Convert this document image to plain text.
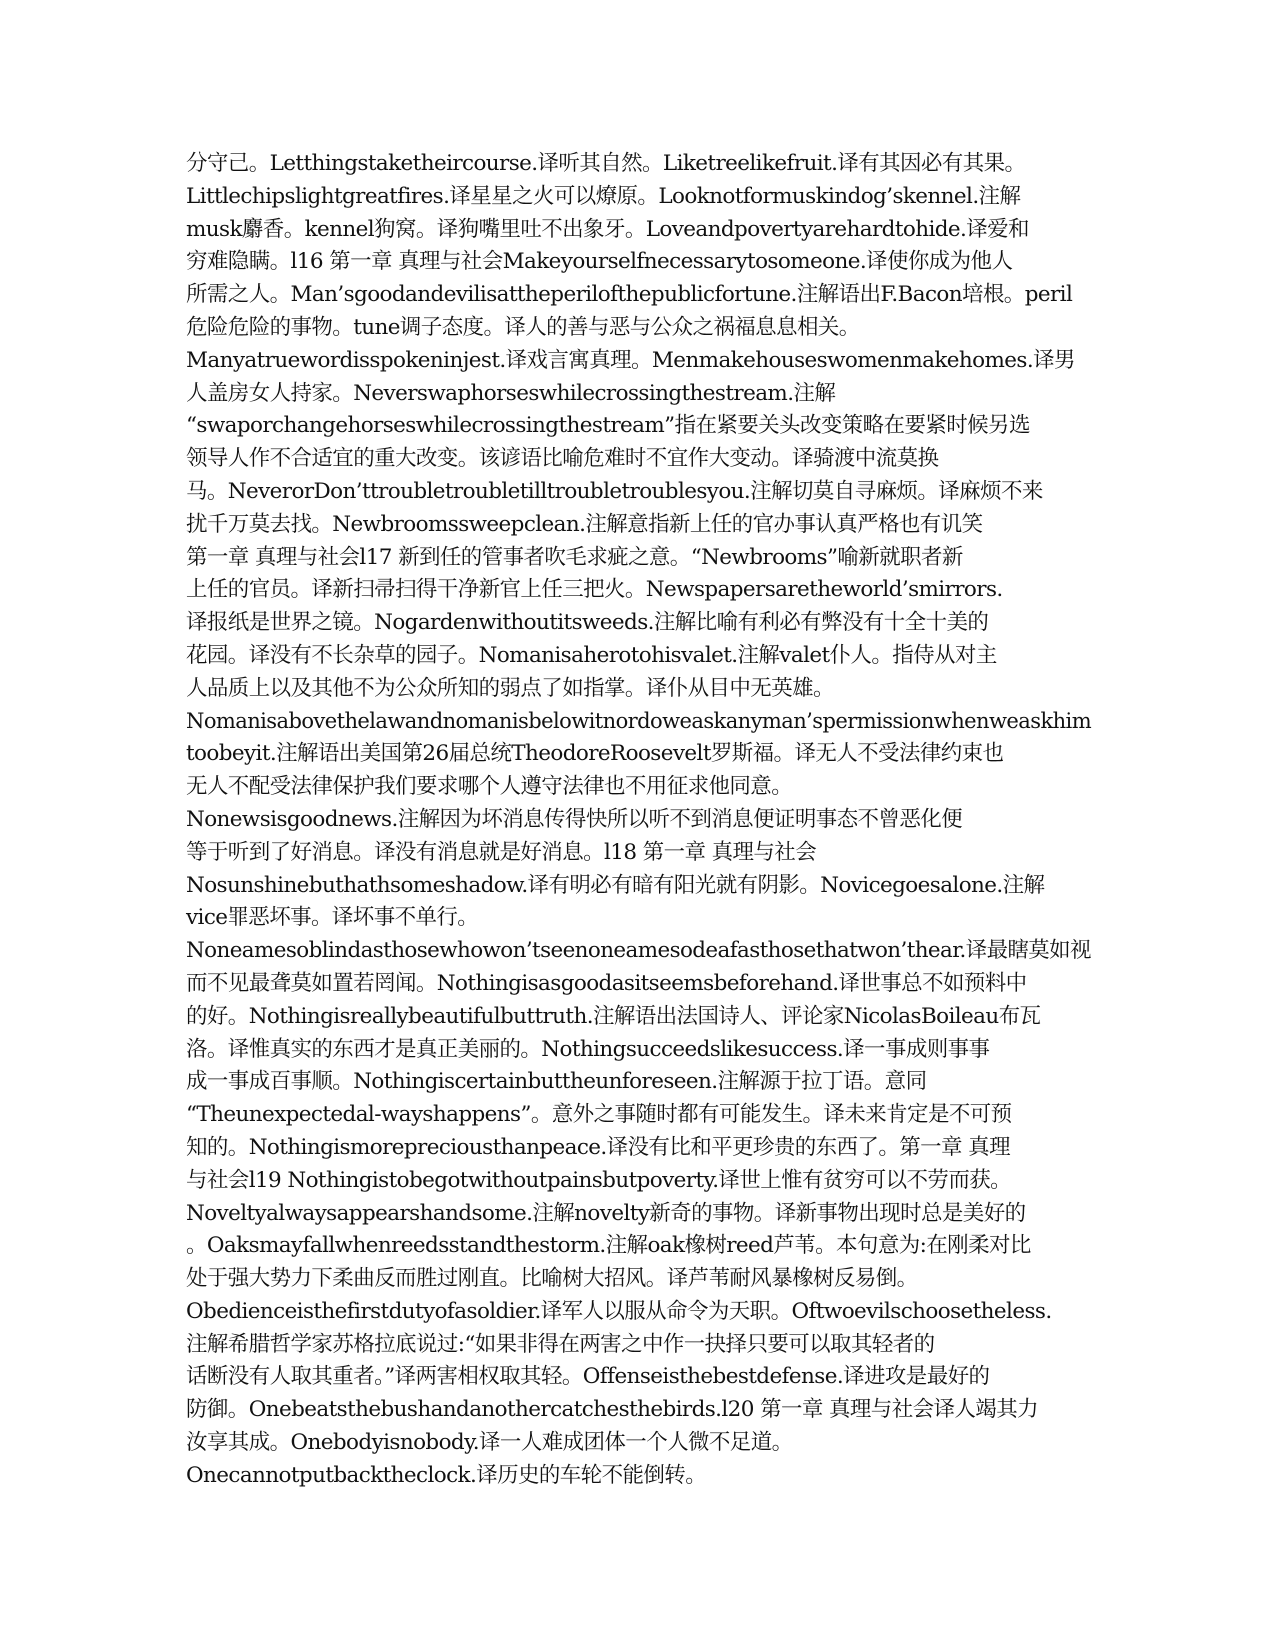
分守己。Letthingstaketheircourse.译听其自然。Liketreelikefruit.译有其因必有其果。
Littlechipslightgreatfires.译星星之火可以燎原。Looknotformuskindog’skennel.注解
musk麝香。kennel狗窝。译狗嘴里吐不出象牙。Loveandpovertyarehardtohide.译爱和
穷难隐瞒。l16 第一章 真理与社会Makeyourselfnecessarytosomeone.译使你成为他人
所需之人。Man’sgoodandevilisattheperilofthepublicfortune.注解语出F.Bacon培根。peril
危险危险的事物。tune调子态度。译人的善与恶与公众之祸福息息相关。
Manyatruewordisspokeninjest.译戏言寓真理。Menmakehouseswomenmakehomes.译男
人盖房女人持家。Neverswaphorseswhilecrossingthestream.注解
“swaporchangehorseswhilecrossingthestream”指在紧要关头改变策略在要紧时候另选
领导人作不合适宜的重大改变。该谚语比喻危难时不宜作大变动。译骑渡中流莫换
马。NeverorDon’ttroubletroubletilltroubletroublesyou.注解切莫自寻麻烦。译麻烦不来
扰千万莫去找。Newbroomssweepclean.注解意指新上任的官办事认真严格也有讥笑
第一章 真理与社会l17 新到任的管事者吹毛求疵之意。“Newbrooms”喻新就职者新
上任的官员。译新扫帚扫得干净新官上任三把火。Newspapersaretheworld’smirrors.
译报纸是世界之镜。Nogardenwithoutitsweeds.注解比喻有利必有弊没有十全十美的
花园。译没有不长杂草的园子。Nomanisaherotohisvalet.注解valet仆人。指侍从对主
人品质上以及其他不为公众所知的弱点了如指掌。译仆从目中无英雄。
Nomanisabovethelawandnomanisbelowitnordoweaskanyman’spermissionwhenweaskhim
toobeyit.注解语出美国第26届总统TheodoreRoosevelt罗斯福。译无人不受法律约束也
无人不配受法律保护我们要求哪个人遵守法律也不用征求他同意。
Nonewsisgoodnews.注解因为坏消息传得快所以听不到消息便证明事态不曾恶化便
等于听到了好消息。译没有消息就是好消息。l18 第一章 真理与社会
Nosunshinebuthathsomeshadow.译有明必有暗有阳光就有阴影。Novicegoesalone.注解
vice罪恶坏事。译坏事不单行。
Noneamesoblindasthosewhowon’tseenoneamesodeafasthosethatwon’thear.译最瞎莫如视
而不见最聋莫如置若罔闻。Nothingisasgoodasitseemsbeforehand.译世事总不如预料中
的好。Nothingisreallybeautifulbuttruth.注解语出法国诗人、评论家NicolasBoileau布瓦
洛。译惟真实的东西才是真正美丽的。Nothingsucceedslikesuccess.译一事成则事事
成一事成百事顺。Nothingiscertainbuttheunforeseen.注解源于拉丁语。意同
“Theunexpectedal-wayshappens”。意外之事随时都有可能发生。译未来肯定是不可预
知的。Nothingismorepreciousthanpeace.译没有比和平更珍贵的东西了。第一章 真理
与社会l19 Nothingistobegotwithoutpainsbutpoverty.译世上惟有贫穷可以不劳而获。
Noveltyalwaysappearshandsome.注解novelty新奇的事物。译新事物出现时总是美好的
。Oaksmayfallwhenreedsstandthestorm.注解oak橡树reed芦苇。本句意为:在刚柔对比
处于强大势力下柔曲反而胜过刚直。比喻树大招风。译芦苇耐风暴橡树反易倒。
Obedienceisthefirstdutyofasoldier.译军人以服从命令为天职。Oftwoevilschoosetheless.
注解希腊哲学家苏格拉底说过:“如果非得在两害之中作一抉择只要可以取其轻者的
话断没有人取其重者。”译两害相权取其轻。Offenseisthebestdefense.译进攻是最好的
防御。Onebeatsthebushandanothercatchesthebirds.l20 第一章 真理与社会译人竭其力
汝享其成。Onebodyisnobody.译一人难成团体一个人微不足道。
Onecannotputbacktheclock.译历史的车轮不能倒转。
